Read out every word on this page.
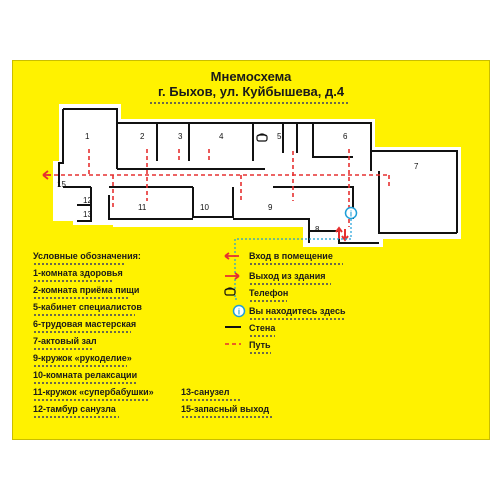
Мнемосхема
г. Быхов, ул. Куйбышева, д.4
i
i
1	2	3	4	5	6
7
8
9
10
11
12
13
15
Условные обозначения:
1-комната здоровья
2-комната приёма пищи
5-кабинет специалистов
6-трудовая мастерская
7-актовый зал
9-кружок «рукоделие»
10-комната релаксации
11-кружок «супербабушки»
12-тамбур санузла
13-санузел
15-запасный выход
Вход в помещение
Выход из здания
Телефон
Вы находитесь здесь
Стена
Путь
